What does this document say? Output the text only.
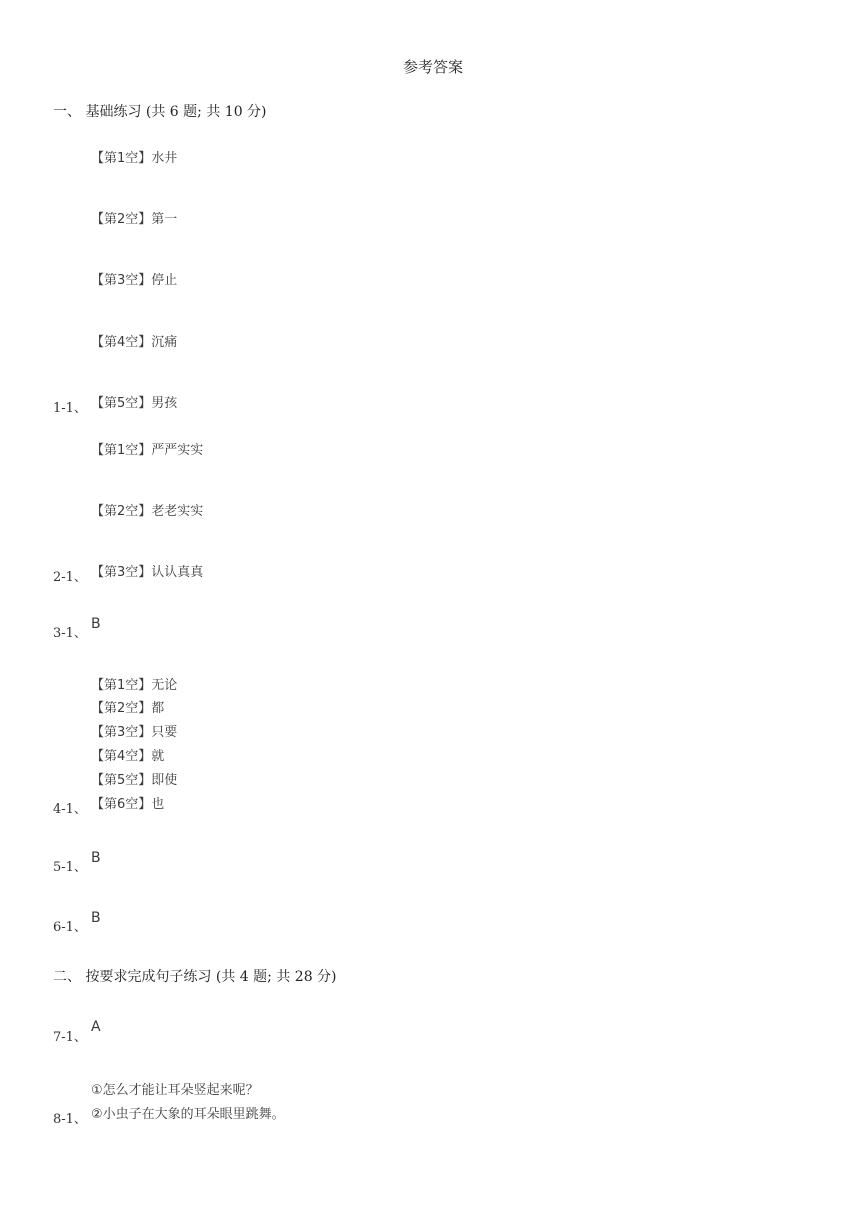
参考答案
一、 基础练习 (共 6 题; 共 10 分)
【第1空】水井
【第2空】第一
【第3空】停止
【第4空】沉痛
1-1、 【第5空】男孩
【第1空】严严实实
【第2空】老老实实
2-1、 【第3空】认认真真
3-1、
B
【第1空】无论
【第2空】都
【第3空】只要
【第4空】就
【第5空】即使
4-1、 【第6空】也
5-1、
B
6-1、
B
二、 按要求完成句子练习 (共 4 题; 共 28 分)
7-1、
A
①怎么才能让耳朵竖起来呢？
8-1、 ②小虫子在大象的耳朵眼里跳舞。
